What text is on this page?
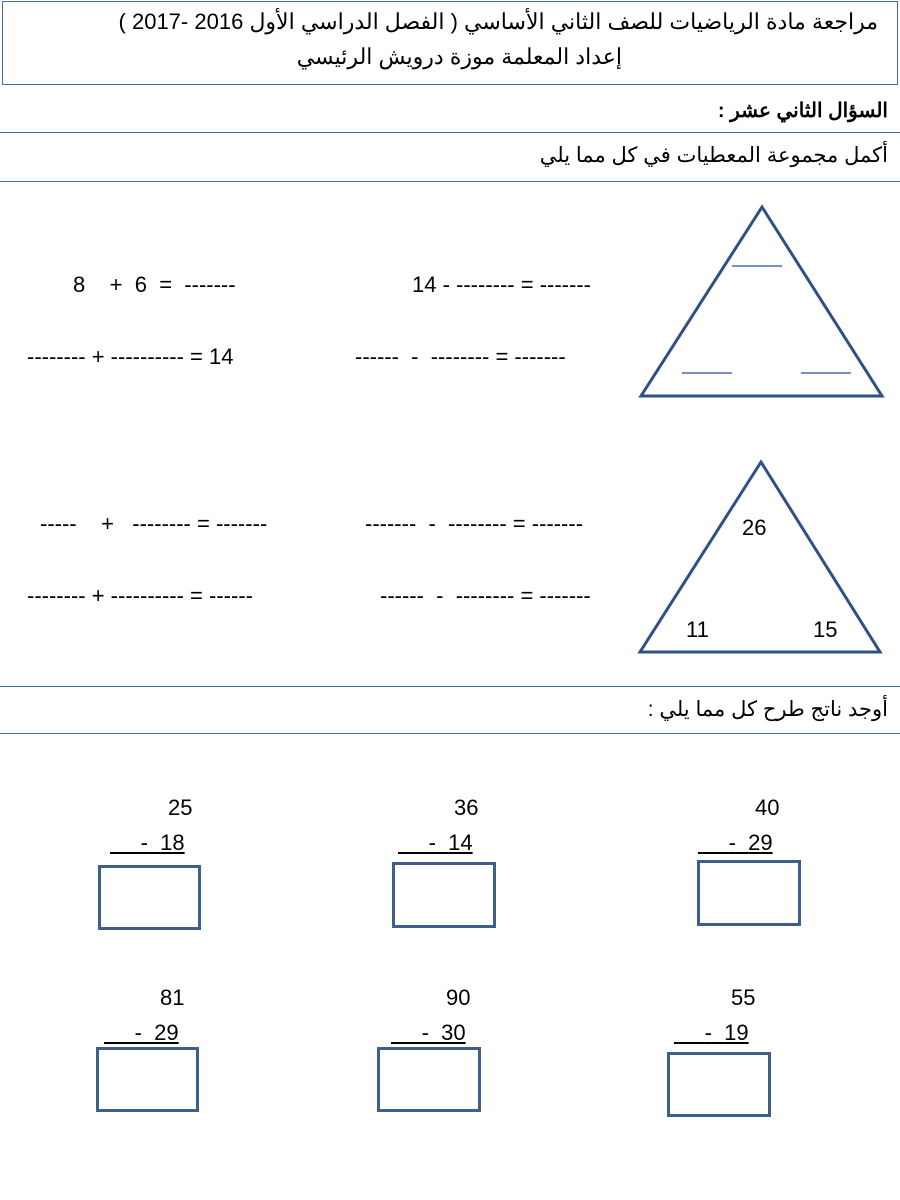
مراجعة مادة الرياضيات للصف الثاني الأساسي ( الفصل الدراسي الأول 2016 -2017 )
إعداد المعلمة موزة درويش الرئيسي
السؤال الثاني عشر :
أكمل مجموعة المعطيات في كل مما يلي
8    +  6  =  -------	14 - -------- = -------
-------- + ---------- = 14	------  -  -------- = -------
-----    +   -------- = -------	-------  -  -------- = -------
-------- + ---------- = ------	------  -  -------- = -------
26
11	15
أوجد ناتج طرح كل مما يلي :
25
- 18
36
- 14
40
- 29
81
- 29
90
- 30
55
- 19
